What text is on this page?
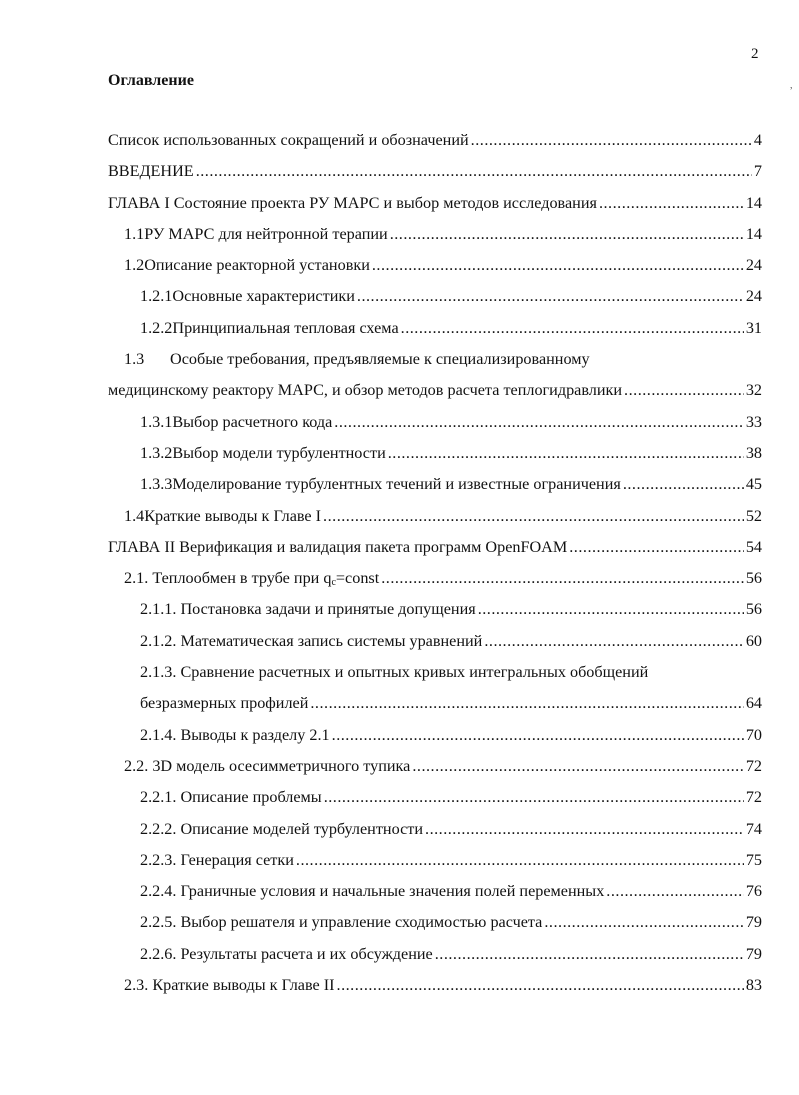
2
Оглавление	,
Список использованных сокращений и обозначений .....	4
ВВЕДЕНИЕ .....	7
ГЛАВА I Состояние проекта РУ МАРС и выбор методов исследования .....	14
1.1 РУ МАРС для нейтронной терапии .....	14
1.2 Описание реакторной установки .....	24
1.2.1 Основные характеристики .....	24
1.2.2 Принципиальная тепловая схема .....	31
1.3	Особые требования, предъявляемые к специализированному
медицинскому реактору МАРС, и обзор методов расчета теплогидравлики .....	32
1.3.1 Выбор расчетного кода .....	33
1.3.2 Выбор модели турбулентности .....	38
1.3.3 Моделирование турбулентных течений и известные ограничения .....	45
1.4 Краткие выводы к Главе I .....	52
ГЛАВА II Верификация и валидация пакета программ OpenFOAM .....	54
2.1.
Теплообмен в трубе при $q_c=const$ .....	56
2.1.1.
Постановка задачи и принятые допущения .....	56
2.1.2.
Математическая запись системы уравнений .....	60
2.1.3.
Сравнение расчетных и опытных кривых интегральных обобщений
безразмерных профилей .....	64
2.1.4.
Выводы к разделу 2.1 .....	70
2.2.
3D модель осесимметричного тупика .....	72
2.2.1.
Описание проблемы .....	72
2.2.2.
Описание моделей турбулентности .....	74
2.2.3.
Генерация сетки .....	75
2.2.4.
Граничные условия и начальные значения полей переменных .....	76
2.2.5.
Выбор решателя и управление сходимостью расчета .....	79
2.2.6.
Результаты расчета и их обсуждение .....	79
2.3.
Краткие выводы к Главе II .....	83
